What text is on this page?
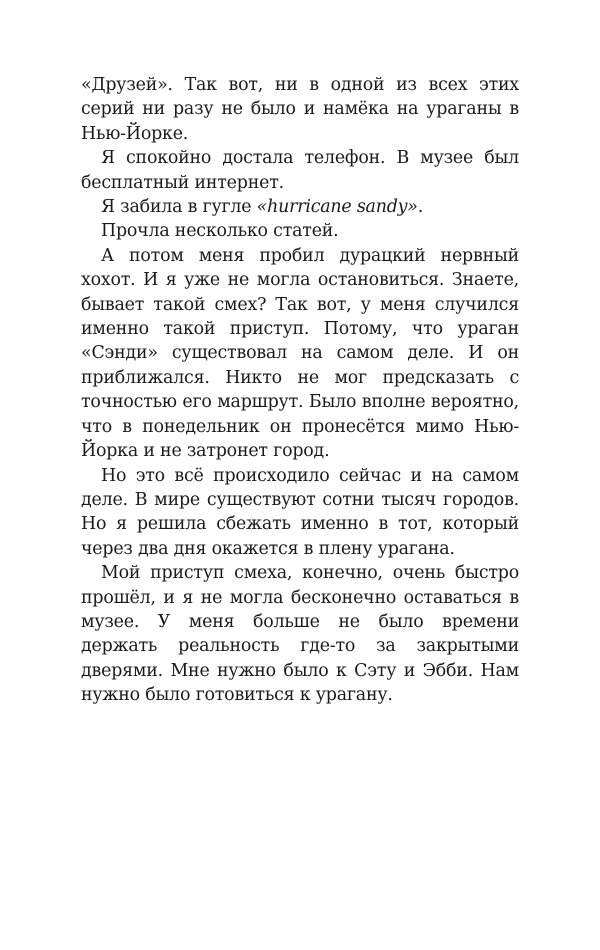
«Друзей». Так вот, ни в одной из всех этих серий ни разу не было и намёка на ураганы в Нью-Йорке.

Я спокойно достала телефон. В музее был бесплатный интернет.

Я забила в гугле «hurricane sandy».

Прочла несколько статей.

А потом меня пробил дурацкий нервный хохот. И я уже не могла остановиться. Знаете, бывает такой смех? Так вот, у меня случился именно такой приступ. Потому, что ураган «Сэнди» существовал на самом деле. И он приближался. Никто не мог предсказать с точностью его маршрут. Было вполне вероятно, что в понедельник он пронесётся мимо Нью-Йорка и не затронет город.

Но это всё происходило сейчас и на самом деле. В мире существуют сотни тысяч городов. Но я решила сбежать именно в тот, который через два дня окажется в плену урагана.

Мой приступ смеха, конечно, очень быстро прошёл, и я не могла бесконечно оставаться в музее. У меня больше не было времени держать реальность где-то за закрытыми дверями. Мне нужно было к Сэту и Эбби. Нам нужно было готовиться к урагану.
